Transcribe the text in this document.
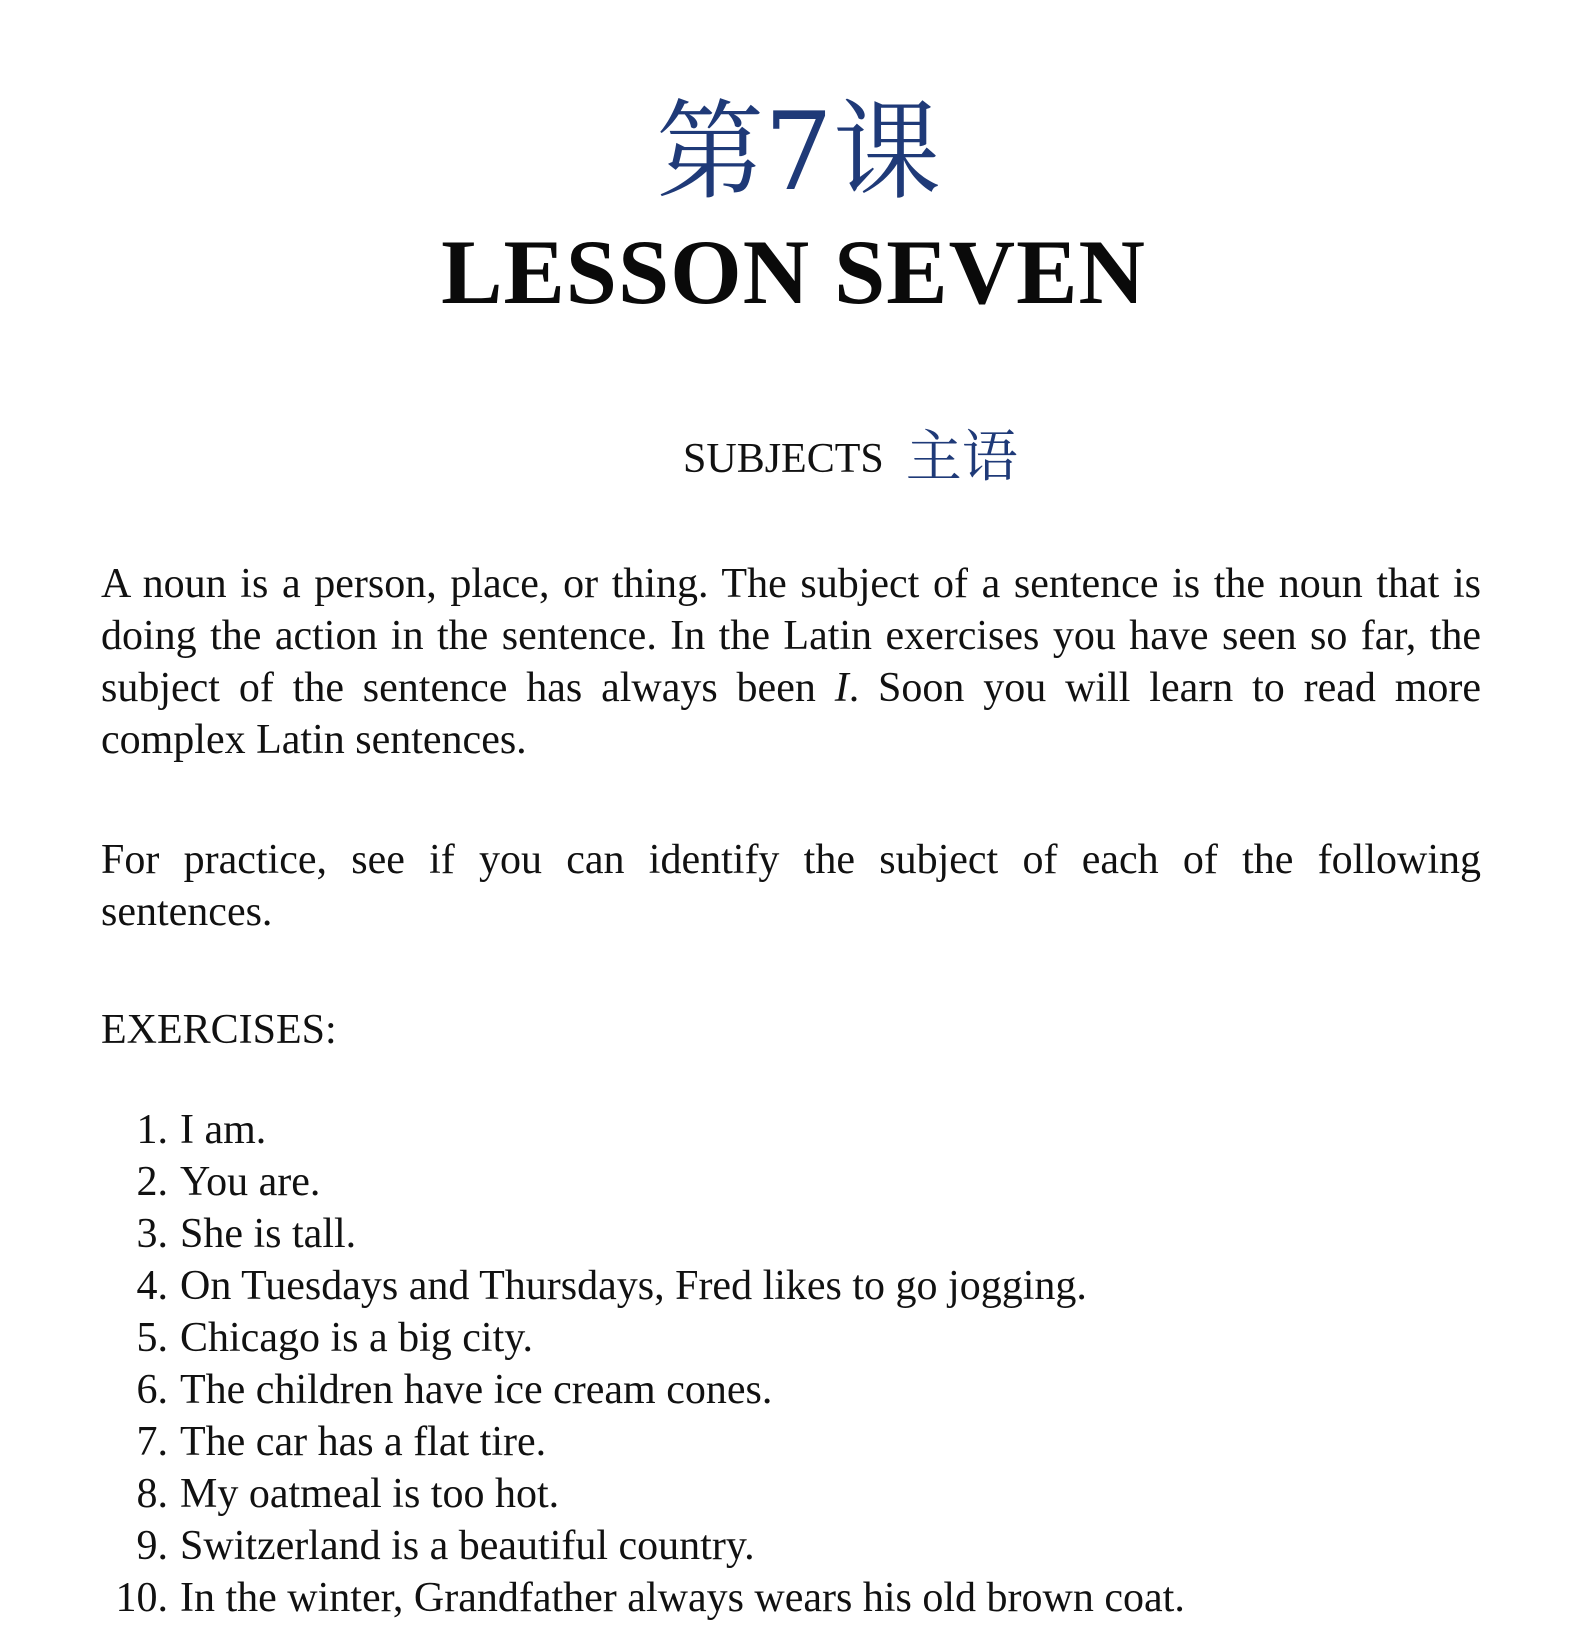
第7课
LESSON SEVEN
SUBJECTS 主语

A noun is a person, place, or thing. The subject of a sentence is the noun that is doing the action in the sentence. In the Latin exercises you have seen so far, the subject of the sentence has always been I. Soon you will learn to read more complex Latin sentences.

For practice, see if you can identify the subject of each of the following sentences.

EXERCISES:
1. I am.
2. You are.
3. She is tall.
4. On Tuesdays and Thursdays, Fred likes to go jogging.
5. Chicago is a big city.
6. The children have ice cream cones.
7. The car has a flat tire.
8. My oatmeal is too hot.
9. Switzerland is a beautiful country.
10. In the winter, Grandfather always wears his old brown coat.
